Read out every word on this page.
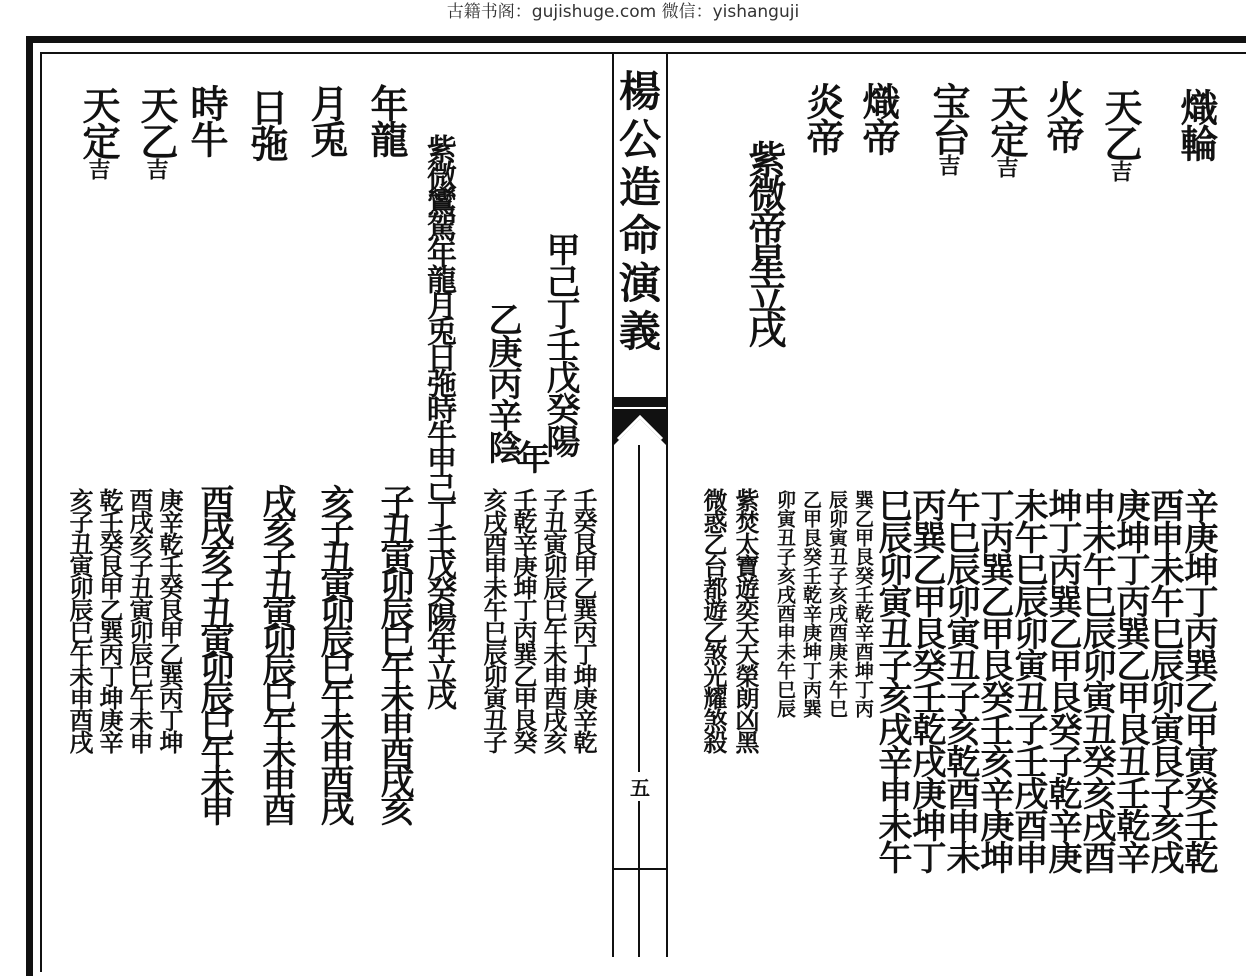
古籍书阁：gujishuge.com 微信：yishanguji
楊
公
造
命
演
義
五
熾輪
天乙吉
火帝
天定吉
宝台吉
熾帝
炎帝
紫微帝星立戌
辛庚坤丁丙巽乙甲寅癸壬乾
酉申未午巳辰卯寅艮子亥戌
庚坤丁丙巽乙甲艮丑壬乾辛
申未午巳辰卯寅丑癸亥戌酉
坤丁丙巽乙甲艮癸子乾辛庚
未午巳辰卯寅丑子壬戌酉申
丁丙巽乙甲艮癸壬亥辛庚坤
午巳辰卯寅丑子亥乾酉申未
丙巽乙甲艮癸壬乾戌庚坤丁
巳辰卯寅丑子亥戌辛申未午
巽乙甲艮癸壬乾辛酉坤丁丙
辰卯寅丑子亥戌酉庚未午巳
乙甲艮癸壬乾辛庚坤丁丙巽
卯寅丑子亥戌酉申未午巳辰
紫焚太寶遊奕天天榮朗凶黑
微惑乙台都遊乙煞光耀煞殺
年龍
月兎
日㢮
時牛
天乙吉
天定吉
甲己丁壬戊癸陽
乙庚丙辛陰
年
紫微鸞駕年龍月兎日㢮時牛甲己丁壬戊癸陽年立戌	壬癸艮甲乙巽丙丁坤庚辛乾
子丑寅卯辰巳午未申酉戌亥
壬乾辛庚坤丁丙巽乙甲艮癸
亥戌酉申未午巳辰卯寅丑子
子丑寅卯辰巳午未申酉戌亥
亥子丑寅卯辰巳午未申酉戌
戌亥子丑寅卯辰巳午未申酉
酉戌亥子丑寅卯辰巳午未申
庚辛乾壬癸艮甲乙巽丙丁坤
酉戌亥子丑寅卯辰巳午未申
乾壬癸艮甲乙巽丙丁坤庚辛
亥子丑寅卯辰巳午未申酉戌
